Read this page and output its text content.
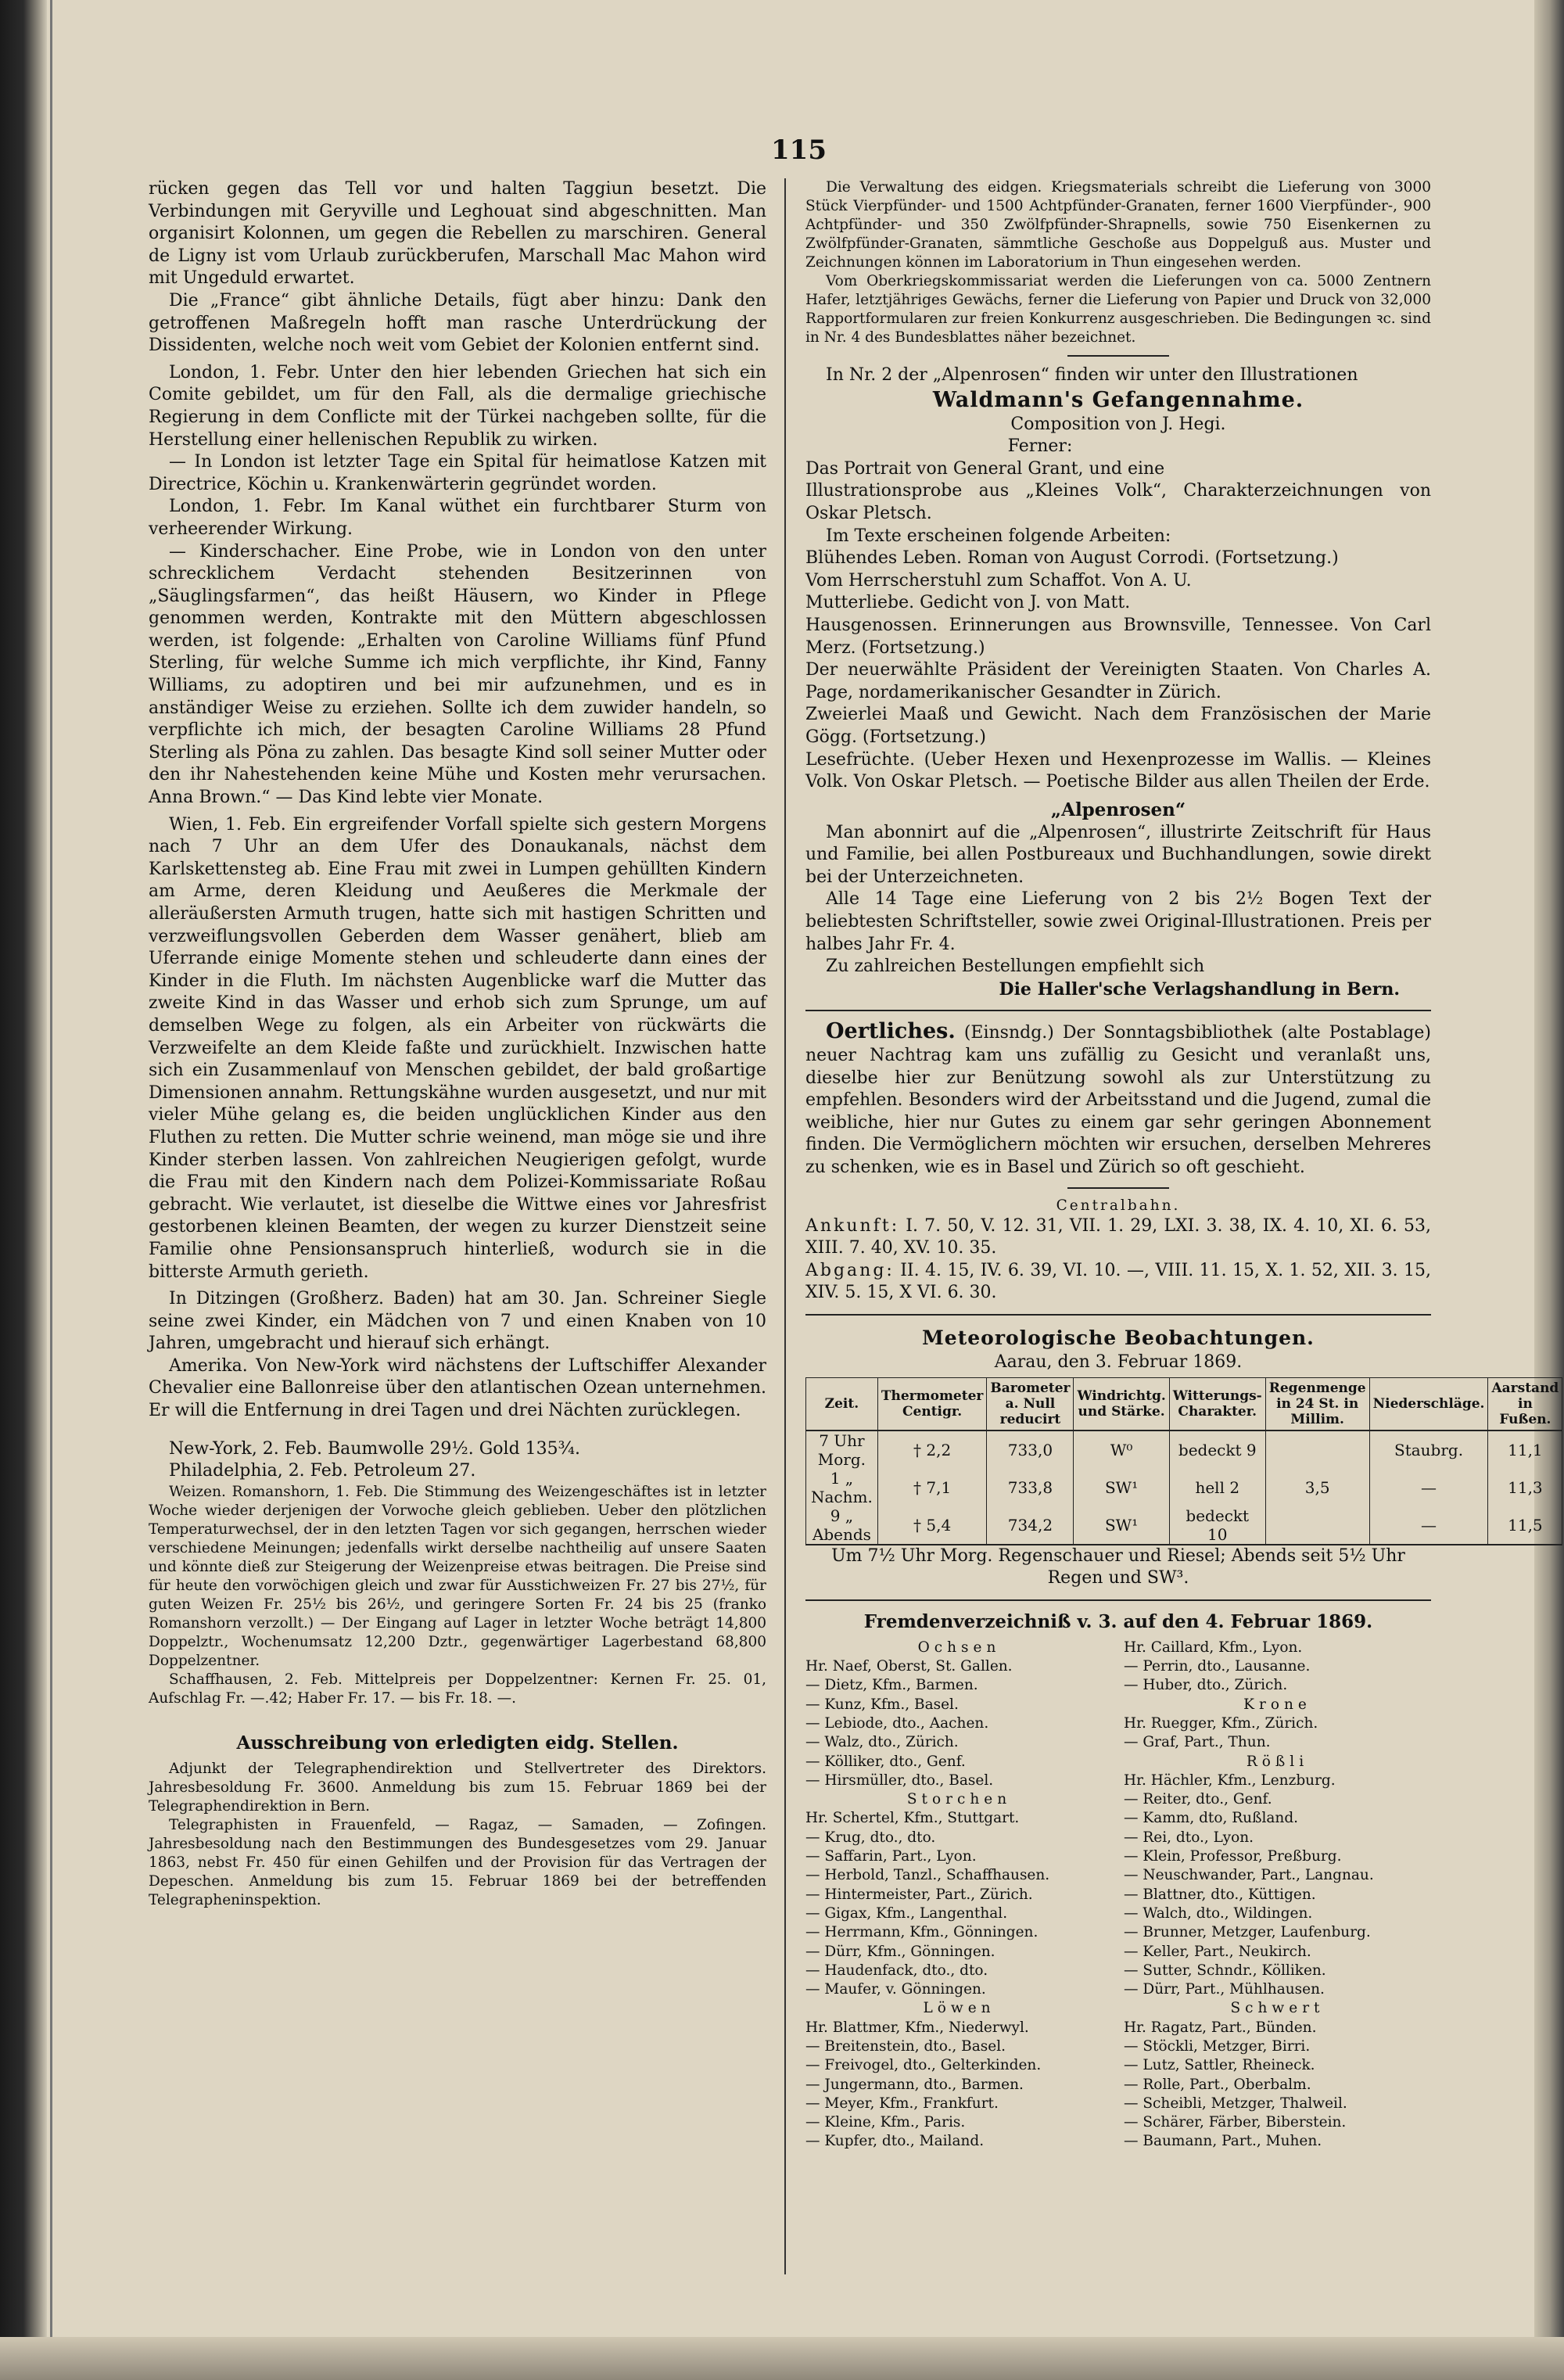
115

rücken gegen das Tell vor und halten Taggiun besetzt. Die Verbindungen mit Geryville und Leghouat sind abgeschnitten. Man organisirt Kolonnen, um gegen die Rebellen zu marschiren. General de Ligny ist vom Urlaub zurückberufen, Marschall Mac Mahon wird mit Ungeduld erwartet.

Die „France“ gibt ähnliche Details, fügt aber hinzu: Dank den getroffenen Maßregeln hofft man rasche Unterdrückung der Dissidenten, welche noch weit vom Gebiet der Kolonien entfernt sind.

London, 1. Febr. Unter den hier lebenden Griechen hat sich ein Comite gebildet, um für den Fall, als die dermalige griechische Regierung in dem Conflicte mit der Türkei nachgeben sollte, für die Herstellung einer hellenischen Republik zu wirken.

— In London ist letzter Tage ein Spital für heimatlose Katzen mit Directrice, Köchin u. Krankenwärterin gegründet worden.

London, 1. Febr. Im Kanal wüthet ein furchtbarer Sturm von verheerender Wirkung.

— Kinderschacher. Eine Probe, wie in London von den unter schrecklichem Verdacht stehenden Besitzerinnen von „Säuglingsfarmen“, das heißt Häusern, wo Kinder in Pflege genommen werden, Kontrakte mit den Müttern abgeschlossen werden, ist folgende: „Erhalten von Caroline Williams fünf Pfund Sterling, für welche Summe ich mich verpflichte, ihr Kind, Fanny Williams, zu adoptiren und bei mir aufzunehmen, und es in anständiger Weise zu erziehen. Sollte ich dem zuwider handeln, so verpflichte ich mich, der besagten Caroline Williams 28 Pfund Sterling als Pöna zu zahlen. Das besagte Kind soll seiner Mutter oder den ihr Nahestehenden keine Mühe und Kosten mehr verursachen. Anna Brown.“ — Das Kind lebte vier Monate.

Wien, 1. Feb. Ein ergreifender Vorfall spielte sich gestern Morgens nach 7 Uhr an dem Ufer des Donaukanals, nächst dem Karlskettensteg ab. Eine Frau mit zwei in Lumpen gehüllten Kindern am Arme, deren Kleidung und Aeußeres die Merkmale der alleräußersten Armuth trugen, hatte sich mit hastigen Schritten und verzweiflungsvollen Geberden dem Wasser genähert, blieb am Uferrande einige Momente stehen und schleuderte dann eines der Kinder in die Fluth. Im nächsten Augenblicke warf die Mutter das zweite Kind in das Wasser und erhob sich zum Sprunge, um auf demselben Wege zu folgen, als ein Arbeiter von rückwärts die Verzweifelte an dem Kleide faßte und zurückhielt. Inzwischen hatte sich ein Zusammenlauf von Menschen gebildet, der bald großartige Dimensionen annahm. Rettungskähne wurden ausgesetzt, und nur mit vieler Mühe gelang es, die beiden unglücklichen Kinder aus den Fluthen zu retten. Die Mutter schrie weinend, man möge sie und ihre Kinder sterben lassen. Von zahlreichen Neugierigen gefolgt, wurde die Frau mit den Kindern nach dem Polizei-Kommissariate Roßau gebracht. Wie verlautet, ist dieselbe die Wittwe eines vor Jahresfrist gestorbenen kleinen Beamten, der wegen zu kurzer Dienstzeit seine Familie ohne Pensionsanspruch hinterließ, wodurch sie in die bitterste Armuth gerieth.

In Ditzingen (Großherz. Baden) hat am 30. Jan. Schreiner Siegle seine zwei Kinder, ein Mädchen von 7 und einen Knaben von 10 Jahren, umgebracht und hierauf sich erhängt.

Amerika. Von New-York wird nächstens der Luftschiffer Alexander Chevalier eine Ballonreise über den atlantischen Ozean unternehmen. Er will die Entfernung in drei Tagen und drei Nächten zurücklegen.

New-York, 2. Feb. Baumwolle 29½. Gold 135¾.

Philadelphia, 2. Feb. Petroleum 27.

Weizen. Romanshorn, 1. Feb. Die Stimmung des Weizengeschäftes ist in letzter Woche wieder derjenigen der Vorwoche gleich geblieben. Ueber den plötzlichen Temperaturwechsel, der in den letzten Tagen vor sich gegangen, herrschen wieder verschiedene Meinungen; jedenfalls wirkt derselbe nachtheilig auf unsere Saaten und könnte dieß zur Steigerung der Weizenpreise etwas beitragen. Die Preise sind für heute den vorwöchigen gleich und zwar für Ausstichweizen Fr. 27 bis 27½, für guten Weizen Fr. 25½ bis 26½, und geringere Sorten Fr. 24 bis 25 (franko Romanshorn verzollt.) — Der Eingang auf Lager in letzter Woche beträgt 14,800 Doppelztr., Wochenumsatz 12,200 Dztr., gegenwärtiger Lagerbestand 68,800 Doppelzentner.

Schaffhausen, 2. Feb. Mittelpreis per Doppelzentner: Kernen Fr. 25. 01, Aufschlag Fr. —.42; Haber Fr. 17. — bis Fr. 18. —.

Ausschreibung von erledigten eidg. Stellen.

Adjunkt der Telegraphendirektion und Stellvertreter des Direktors. Jahresbesoldung Fr. 3600. Anmeldung bis zum 15. Februar 1869 bei der Telegraphendirektion in Bern.

Telegraphisten in Frauenfeld, — Ragaz, — Samaden, — Zofingen. Jahresbesoldung nach den Bestimmungen des Bundesgesetzes vom 29. Januar 1863, nebst Fr. 450 für einen Gehilfen und der Provision für das Vertragen der Depeschen. Anmeldung bis zum 15. Februar 1869 bei der betreffenden Telegrapheninspektion.

Die Verwaltung des eidgen. Kriegsmaterials schreibt die Lieferung von 3000 Stück Vierpfünder- und 1500 Achtpfünder-Granaten, ferner 1600 Vierpfünder-, 900 Achtpfünder- und 350 Zwölfpfünder-Shrapnells, sowie 750 Eisenkernen zu Zwölfpfünder-Granaten, sämmtliche Geschoße aus Doppelguß aus. Muster und Zeichnungen können im Laboratorium in Thun eingesehen werden.

Vom Oberkriegskommissariat werden die Lieferungen von ca. 5000 Zentnern Hafer, letztjähriges Gewächs, ferner die Lieferung von Papier und Druck von 32,000 Rapportformularen zur freien Konkurrenz ausgeschrieben. Die Bedingungen ꝛc. sind in Nr. 4 des Bundesblattes näher bezeichnet.

In Nr. 2 der „Alpenrosen“ finden wir unter den Illustrationen

Waldmann's Gefangennahme.

Composition von J. Hegi.

Ferner:

Das Portrait von General Grant, und eine

Illustrationsprobe aus „Kleines Volk“, Charakterzeichnungen von Oskar Pletsch.

Im Texte erscheinen folgende Arbeiten:

Blühendes Leben. Roman von August Corrodi. (Fortsetzung.)

Vom Herrscherstuhl zum Schaffot. Von A. U.

Mutterliebe. Gedicht von J. von Matt.

Hausgenossen. Erinnerungen aus Brownsville, Tennessee. Von Carl Merz. (Fortsetzung.)

Der neuerwählte Präsident der Vereinigten Staaten. Von Charles A. Page, nordamerikanischer Gesandter in Zürich.

Zweierlei Maaß und Gewicht. Nach dem Französischen der Marie Gögg. (Fortsetzung.)

Lesefrüchte. (Ueber Hexen und Hexenprozesse im Wallis. — Kleines Volk. Von Oskar Pletsch. — Poetische Bilder aus allen Theilen der Erde.

„Alpenrosen“

Man abonnirt auf die „Alpenrosen“, illustrirte Zeitschrift für Haus und Familie, bei allen Postbureaux und Buchhandlungen, sowie direkt bei der Unterzeichneten.

Alle 14 Tage eine Lieferung von 2 bis 2½ Bogen Text der beliebtesten Schriftsteller, sowie zwei Original-Illustrationen. Preis per halbes Jahr Fr. 4.

Zu zahlreichen Bestellungen empfiehlt sich

Die Haller'sche Verlagshandlung in Bern.

Oertliches. (Einsndg.) Der Sonntagsbibliothek (alte Postablage) neuer Nachtrag kam uns zufällig zu Gesicht und veranlaßt uns, dieselbe hier zur Benützung sowohl als zur Unterstützung zu empfehlen. Besonders wird der Arbeitsstand und die Jugend, zumal die weibliche, hier nur Gutes zu einem gar sehr geringen Abonnement finden. Die Vermöglichern möchten wir ersuchen, derselben Mehreres zu schenken, wie es in Basel und Zürich so oft geschieht.

Centralbahn.

Ankunft: I. 7. 50, V. 12. 31, VII. 1. 29, LXI. 3. 38, IX. 4. 10, XI. 6. 53, XIII. 7. 40, XV. 10. 35.

Abgang: II. 4. 15, IV. 6. 39, VI. 10. —, VIII. 11. 15, X. 1. 52, XII. 3. 15, XIV. 5. 15, X VI. 6. 30.

Meteorologische Beobachtungen.

Aarau, den 3. Februar 1869.

Zeit.	Thermometer Centigr.	Barometer a. Null reducirt	Windrichtg. und Stärke.	Witterungs-Charakter.	Regenmenge in 24 St. in Millim.	Niederschläge.	Aarstand in Fußen.
7 Uhr Morg.	† 2,2	733,0	W⁰	bedeckt 9		Staubrg.	11,1
1 „ Nachm.	† 7,1	733,8	SW¹	hell 2	3,5	—	11,3
9 „ Abends	† 5,4	734,2	SW¹	bedeckt 10		—	11,5

Um 7½ Uhr Morg. Regenschauer und Riesel; Abends seit 5½ Uhr Regen und SW³.

Fremdenverzeichniß v. 3. auf den 4. Februar 1869.
Ochsen
Hr. Naef, Oberst, St. Gallen.
— Dietz, Kfm., Barmen.
— Kunz, Kfm., Basel.
— Lebiode, dto., Aachen.
— Walz, dto., Zürich.
— Kölliker, dto., Genf.
— Hirsmüller, dto., Basel.
Storchen
Hr. Schertel, Kfm., Stuttgart.
— Krug, dto., dto.
— Saffarin, Part., Lyon.
— Herbold, Tanzl., Schaffhausen.
— Hintermeister, Part., Zürich.
— Gigax, Kfm., Langenthal.
— Herrmann, Kfm., Gönningen.
— Dürr, Kfm., Gönningen.
— Haudenfack, dto., dto.
— Maufer, v. Gönningen.
Löwen
Hr. Blattmer, Kfm., Niederwyl.
— Breitenstein, dto., Basel.
— Freivogel, dto., Gelterkinden.
— Jungermann, dto., Barmen.
— Meyer, Kfm., Frankfurt.
— Kleine, Kfm., Paris.
— Kupfer, dto., Mailand.
Hr. Caillard, Kfm., Lyon.
— Perrin, dto., Lausanne.
— Huber, dto., Zürich.
Krone
Hr. Ruegger, Kfm., Zürich.
— Graf, Part., Thun.
Rößli
Hr. Hächler, Kfm., Lenzburg.
— Reiter, dto., Genf.
— Kamm, dto, Rußland.
— Rei, dto., Lyon.
— Klein, Professor, Preßburg.
— Neuschwander, Part., Langnau.
— Blattner, dto., Küttigen.
— Walch, dto., Wildingen.
— Brunner, Metzger, Laufenburg.
— Keller, Part., Neukirch.
— Sutter, Schndr., Kölliken.
— Dürr, Part., Mühlhausen.
Schwert
Hr. Ragatz, Part., Bünden.
— Stöckli, Metzger, Birri.
— Lutz, Sattler, Rheineck.
— Rolle, Part., Oberbalm.
— Scheibli, Metzger, Thalweil.
— Schärer, Färber, Biberstein.
— Baumann, Part., Muhen.
